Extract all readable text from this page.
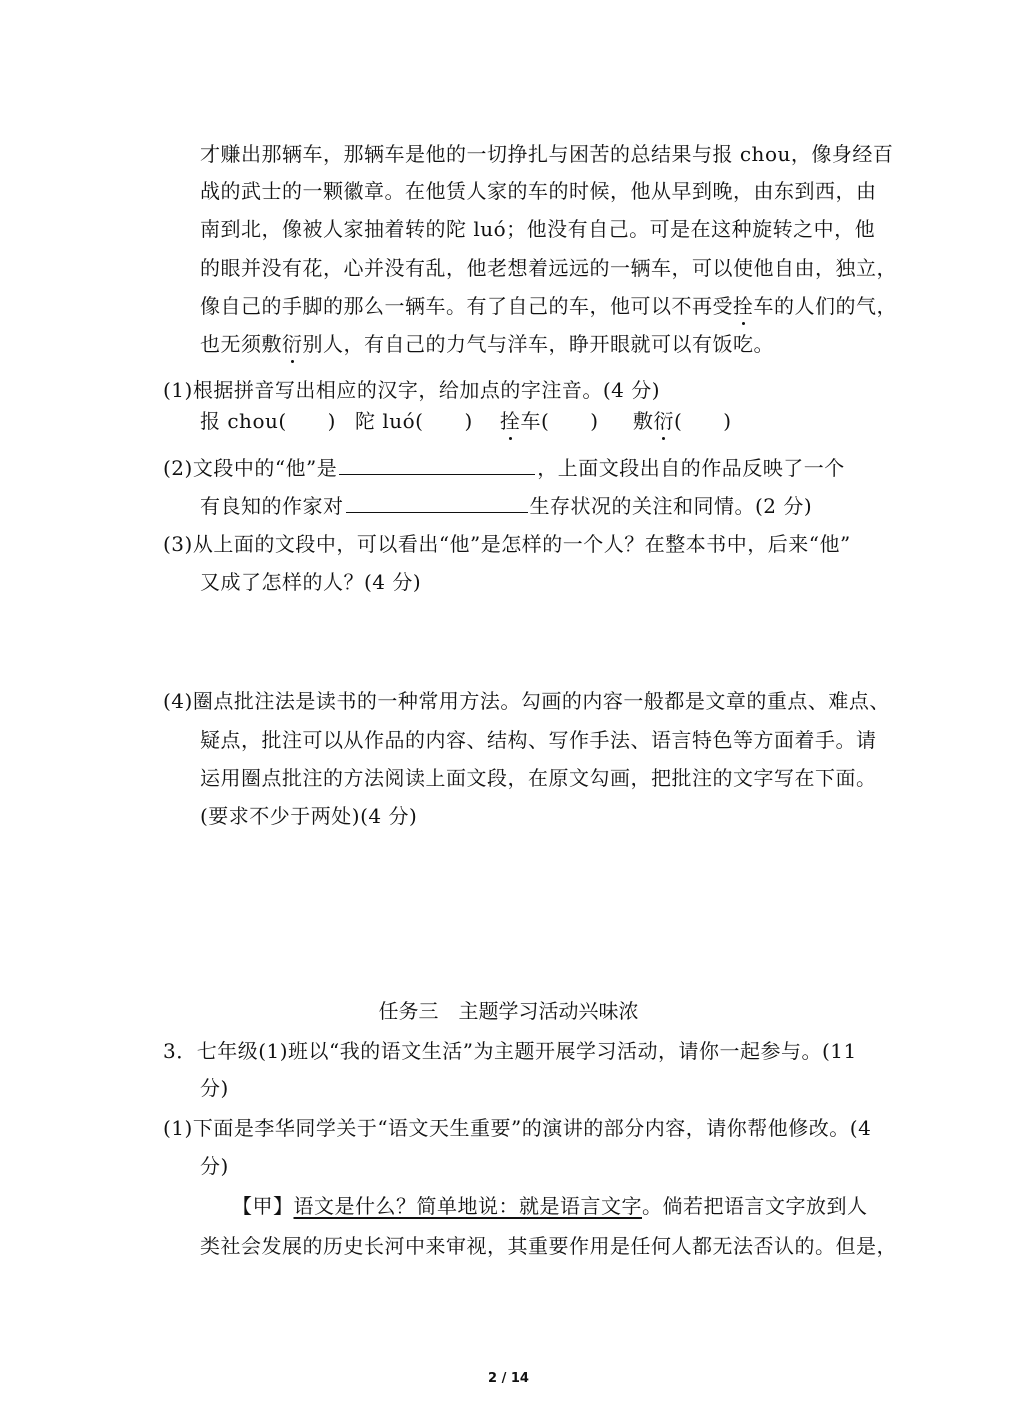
才赚出那辆车，那辆车是他的一切挣扎与困苦的总结果与报 chou，像身经百
战的武士的一颗徽章。在他赁人家的车的时候，他从早到晚，由东到西，由
南到北，像被人家抽着转的陀 luó；他没有自己。可是在这种旋转之中，他
的眼并没有花，心并没有乱，他老想着远远的一辆车，可以使他自由，独立，
像自己的手脚的那么一辆车。有了自己的车，他可以不再受拴车的人们的气，
也无须敷衍别人，有自己的力气与洋车，睁开眼就可以有饭吃。
(1)根据拼音写出相应的汉字，给加点的字注音。(4 分)
报 chou(　　) 陀 luó(　　) 拴车(　　) 敷衍(　　)
(2)文段中的“他”是	，上面文段出自的作品反映了一个
有良知的作家对	生存状况的关注和同情。(2 分)
(3)从上面的文段中，可以看出“他”是怎样的一个人？在整本书中，后来“他”
又成了怎样的人？(4 分)
(4)圈点批注法是读书的一种常用方法。勾画的内容一般都是文章的重点、难点、
疑点，批注可以从作品的内容、结构、写作手法、语言特色等方面着手。请
运用圈点批注的方法阅读上面文段，在原文勾画，把批注的文字写在下面。
(要求不少于两处)(4 分)
任务三　主题学习活动兴味浓
3．七年级(1)班以“我的语文生活”为主题开展学习活动，请你一起参与。(11
分)
(1)下面是李华同学关于“语文天生重要”的演讲的部分内容，请你帮他修改。(4
分)
【甲】语文是什么？简单地说：就是语言文字。倘若把语言文字放到人
类社会发展的历史长河中来审视，其重要作用是任何人都无法否认的。但是，
2 / 14
